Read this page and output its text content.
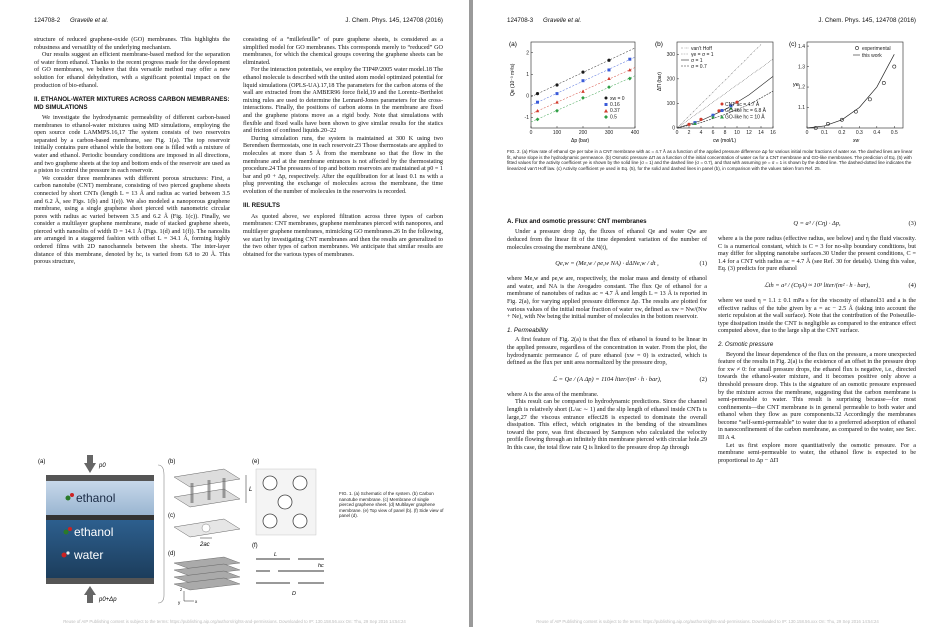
124708-2 Gravelle et al.	J. Chem. Phys. 145, 124708 (2016)

structure of reduced graphene-oxide (GO) membranes. This highlights the robustness and versatility of the underlying mechanism.

Our results suggest an efficient membrane-based method for the separation of water from ethanol. Thanks to the recent progress made for the development of GO membranes, we believe that this versatile method may offer a new solution for ethanol dehydration, with a significant potential impact on the production of bio-ethanol.

II. ETHANOL-WATER MIXTURES ACROSS CARBON MEMBRANES: MD SIMULATIONS

We investigate the hydrodynamic permeability of different carbon-based membranes to ethanol-water mixtures using MD simulations, employing the open source code LAMMPS.16,17 The system consists of two reservoirs separated by a carbon-based membrane, see Fig. 1(a). The top reservoir initially contains pure ethanol while the bottom one is filled with a mixture of water and ethanol. Periodic boundary conditions are imposed in all directions, and two graphene sheets at the top and bottom ends of the reservoir are used as a piston to control the pressure in each reservoir.

We consider three membranes with different porous structures: First, a carbon nanotube (CNT) membrane, consisting of two pierced graphene sheets connected by short CNTs (length L = 13 Å and radius ac varied between 3.5 and 6.2 Å, see Figs. 1(b) and 1(e)). We also modeled a nanoporous graphene membrane, using a single graphene sheet pierced with nanometric circular pores with radius ac varied between 3.5 and 6.2 Å (Fig. 1(c)). Finally, we consider a multilayer graphene membrane, made of stacked graphene sheets, pierced with nanoslits of width D = 14.1 Å (Figs. 1(d) and 1(f)). The nanoslits are arranged in a staggered fashion with offset L = 34.1 Å, forming highly ordered films with 2D nanochannels between the sheets. The inter-layer distance of this membrane, denoted by hc, is varied from 6.8 to 20 Å. This porous structure,

consisting of a “millefeuille” of pure graphene sheets, is considered as a simplified model for GO membranes. This corresponds merely to “reduced” GO membranes, for which the chemical groups covering the graphene sheets can be eliminated.

For the interaction potentials, we employ the TIP4P/2005 water model.18 The ethanol molecule is described with the united atom model optimized potential for liquid simulations (OPLS-UA).17,18 The parameters for the carbon atoms of the wall are extracted from the AMBER96 force field,19 and the Lorentz–Berthelot mixing rules are used to determine the Lennard-Jones parameters for the cross-interactions. Finally, the positions of carbon atoms in the membrane are fixed and the graphene pistons move as a rigid body. Note that simulations with flexible and fixed walls have been shown to give similar results for the statics and friction of confined liquids.20–22

During simulation runs, the system is maintained at 300 K using two Berendsen thermostats, one in each reservoir.23 Those thermostats are applied to molecules at more than 5 Å from the membrane so that the flow in the membrane and at the membrane entrances is not affected by the thermostating procedure.24 The pressures of top and bottom reservoirs are maintained at p0 = 1 bar and p0 + Δp, respectively. After the equilibration for at least 0.1 ns with a plug preventing the exchange of molecules across the membrane, the time evolution of the number of molecules in the reservoirs is recorded.

III. RESULTS

As quoted above, we explored filtration across three types of carbon membranes: CNT membranes, graphene membranes pierced with nanopores, and multilayer graphene membranes, mimicking GO membranes.26 In the following, we start by investigating CNT membranes and then the results are generalized to the two other types of carbon membranes. We anticipate that similar results are obtained for the various types of membranes.

(a)
p0
ethanol
ethanol
water
p0+Δp
(b)
L
(c)
2ac
(d)
z
x
y
(e)
(f)
L
hc
D
FIG. 1. (a) Schematic of the system. (b) Carbon nanotube membrane. (c) Membrane of single pierced graphene sheet. (d) Multilayer graphene membrane. (e) Top view of panel (b). (f) Side view of panel (d).
Reuse of AIP Publishing content is subject to the terms: https://publishing.aip.org/authors/rights-and-permissions. Downloaded to IP: 130.158.56.xxx On: Thu, 29 Sep 2016 14:54:24
124708-3 Gravelle et al.	J. Chem. Phys. 145, 124708 (2016)
(a)
Qe (10⁻³ m³/s)
Δp (bar)
0	100	200	300	400
-1
0
1
2
xw = 0
0.16
0.37
0.5
(b)
ΔΠ (bar)
cw (mol/L)
0 2 4 6 8 10 12 14 16
0
100
200
300
van't Hoff
γe = σ = 1
σ = 1
σ = 0.7
CNT ac = 4.7 Å
GO-like hc = 6.8 Å
GO-like hc = 10 Å
(c)
γe
xw
0	0.1 0.2 0.3 0.4 0.5
1.1
1.2
1.3
1.4	experimental
this work
FIG. 2. (a) Flow rate of ethanol Qe per tube in a CNT membrane with ac = 4.7 Å as a function of the applied pressure difference Δp for various initial molar fractions of water xw. The dashed lines are linear fit, whose slope is the hydrodynamic permeance. (b) Osmotic pressure ΔΠ as a function of the initial concentration of water cw for a CNT membrane and GO-like membranes. The prediction of Eq. (5) with fitted values for the activity coefficient γe is shown by the solid line (σ = 1) and the dashed line (σ = 0.7), and that with assuming γe = σ = 1 is shown by the dotted line. The dashed-dotted line indicates the linearized van't Hoff law. (c) Activity coefficient γe used in Eq. (5), for the solid and dashed lines in panel (b), in comparison with the values taken from Ref. 25.
A. Flux and osmotic pressure: CNT membranes

Under a pressure drop Δp, the fluxes of ethanol Qe and water Qw are deduced from the linear fit of the time dependent variation of the number of molecules crossing the membrane ΔN(t),

Qe,w = (Me,w / ρe,w NA) · dΔNe,w / dt ,	(1)

where Me,w and ρe,w are, respectively, the molar mass and density of ethanol and water, and NA is the Avogadro constant. The flux Qe of ethanol for a membrane of nanotubes of radius ac = 4.7 Å and length L = 13 Å is reported in Fig. 2(a), for varying applied pressure difference Δp. The results are plotted for various values of the initial molar fraction of water xw, defined as xw = Nw/(Nw + Ne), with Nw being the initial number of molecules in the bottom reservoir.

1. Permeability

A first feature of Fig. 2(a) is that the flux of ethanol is found to be linear in the applied pressure, regardless of the concentration in water. From the plot, the hydrodynamic permeance ℒ of pure ethanol (xw = 0) is extracted, which is defined as the flux per unit area normalized by the pressure drop,

ℒ = Qe / (A Δp) = 1104 liter/(m² · h · bar),	(2)

where A is the area of the membrane.

This result can be compared to hydrodynamic predictions. Since the channel length is relatively short (L/ac ∼ 1) and the slip length of ethanol inside CNTs is large,27 the viscous entrance effect28 is expected to dominate the overall dissipation. This effect, which originates in the bending of the streamlines toward the pore, was first discussed by Sampson who calculated the velocity profile flowing through an infinitely thin membrane pierced with circular hole.29 In this case, the total flow rate Q is linked to the pressure drop Δp through

Q = a³ / (Cη) · Δp,	(3)

where a is the pore radius (effective radius, see below) and η the fluid viscosity. C is a numerical constant, which is C = 3 for no-slip boundary conditions, but may differ for slipping nanotube surfaces.30 Under the present conditions, C = 1.4 for a CNT with radius ac = 4.7 Å (see Ref. 30 for details). Using this value, Eq. (3) predicts for pure ethanol

ℒth = a³ / (CηA) ≈ 10³ liter/(m² · h · bar),	(4)

where we used η = 1.1 ± 0.1 mPa s for the viscosity of ethanol31 and a is the effective radius of the tube given by a = ac − 2.5 Å (taking into account the steric repulsion at the wall surface). Note that the contribution of the Poiseuille-type dissipation inside the CNT is negligible as compared to the entrance effect computed above, due to the large slip at the CNT surface.

2. Osmotic pressure

Beyond the linear dependence of the flux on the pressure, a more unexpected feature of the results in Fig. 2(a) is the existence of an offset in the pressure drop for xw ≠ 0: for small pressure drops, the ethanol flux is negative, i.e., directed towards the ethanol-water mixture, and it becomes positive only above a threshold pressure drop. This is the signature of an osmotic pressure expressed by the mixture across the membrane, suggesting that the carbon membrane is semi-permeable to water. This result is surprising because—for most confinements—the CNT membrane is in general permeable to both water and ethanol when they flow as pure components.32 Accordingly the membranes become “self-semi-permeable” to water due to a preferred adsorption of ethanol in nanoconfinement of the carbon membrane, as compared to the water, see Sec. III A 4.

Let us first explore more quantitatively the osmotic pressure. For a membrane semi-permeable to water, the ethanol flow is expected to be proportional to Δp − ΔΠ

Reuse of AIP Publishing content is subject to the terms: https://publishing.aip.org/authors/rights-and-permissions. Downloaded to IP: 130.158.56.xxx On: Thu, 29 Sep 2016 14:54:24
